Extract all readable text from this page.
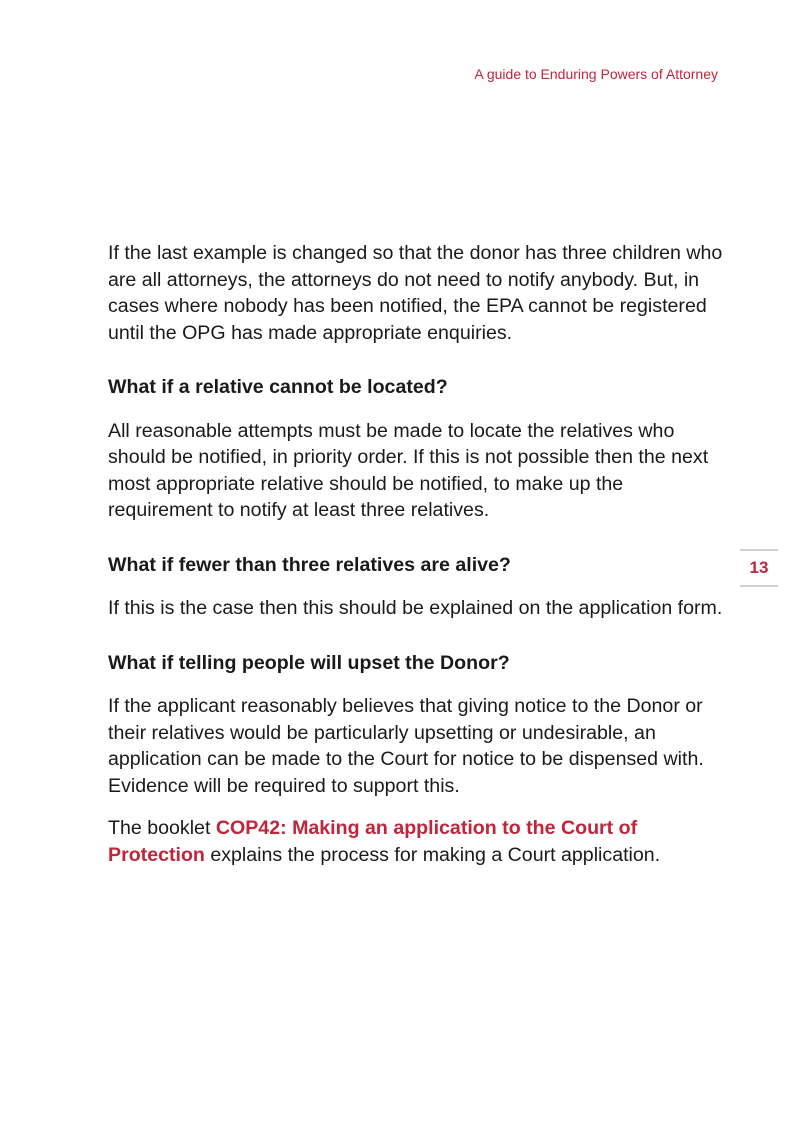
A guide to Enduring Powers of Attorney

If the last example is changed so that the donor has three children who are all attorneys, the attorneys do not need to notify anybody. But, in cases where nobody has been notified, the EPA cannot be registered until the OPG has made appropriate enquiries.

What if a relative cannot be located?

All reasonable attempts must be made to locate the relatives who should be notified, in priority order. If this is not possible then the next most appropriate relative should be notified, to make up the requirement to notify at least three relatives.

What if fewer than three relatives are alive?

If this is the case then this should be explained on the application form.

What if telling people will upset the Donor?

If the applicant reasonably believes that giving notice to the Donor or their relatives would be particularly upsetting or undesirable, an application can be made to the Court for notice to be dispensed with. Evidence will be required to support this.

The booklet COP42: Making an application to the Court of Protection explains the process for making a Court application.

13
